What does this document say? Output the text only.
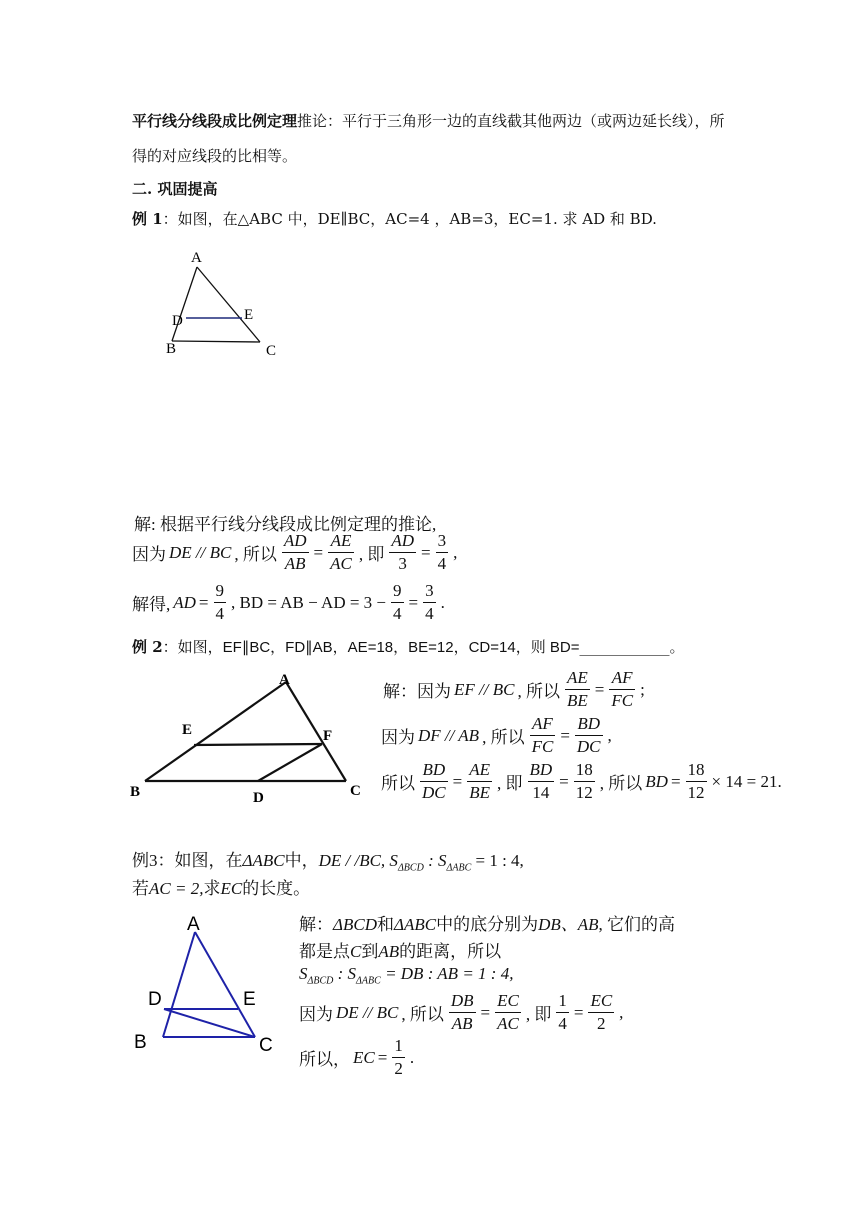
平行线分线段成比例定理推论：平行于三角形一边的直线截其他两边（或两边延长线），所
得的对应线段的比相等。
二. 巩固提高
例 1：如图，在△ABC 中，DE∥BC，AC=4 ，AB=3，EC=1. 求 AD 和 BD.
A
D	E
B	C
解: 根据平行线分线段成比例定理的推论,
因为 DE // BC , 所以 $\frac{AD}{AB} = \frac{AE}{AC}$ , 即 $\frac{AD}{3} = \frac{3}{4}$ ,
解得, AD = $\frac{9}{4}$ , BD = AB − AD = $3 - \frac{9}{4} = \frac{3}{4}$ .
例 2：如图，EF∥BC，FD∥AB，AE=18，BE=12，CD=14，则 BD=____________。
A
E	F
B	D	C
解：因为 EF // BC , 所以 $\frac{AE}{BE} = \frac{AF}{FC}$ ;
因为 DF // AB , 所以 $\frac{AF}{FC} = \frac{BD}{DC}$ ,
所以 $\frac{BD}{DC} = \frac{AE}{BE}$ , 即 $\frac{BD}{14} = \frac{18}{12}$ , 所以 BD = $\frac{18}{12} \times 14 = 21$.
例3：如图，在ΔABC中，DE / /BC, $S_{\Delta BCD}$ : $S_{\Delta ABC} = 1$ : 4,
若AC = 2,求EC的长度。
A
D	E
B	C
解：ΔBCD和ΔABC中的底分别为DB、AB, 它们的高
都是点C到AB的距离，所以
$S_{\Delta BCD}$ : $S_{\Delta ABC}$ = DB : AB = 1 : 4,
因为 DE // BC , 所以 $\frac{DB}{AB} = \frac{EC}{AC}$ , 即 $\frac{1}{4} = \frac{EC}{2}$ ,
所以， EC = $\frac{1}{2}$ .
